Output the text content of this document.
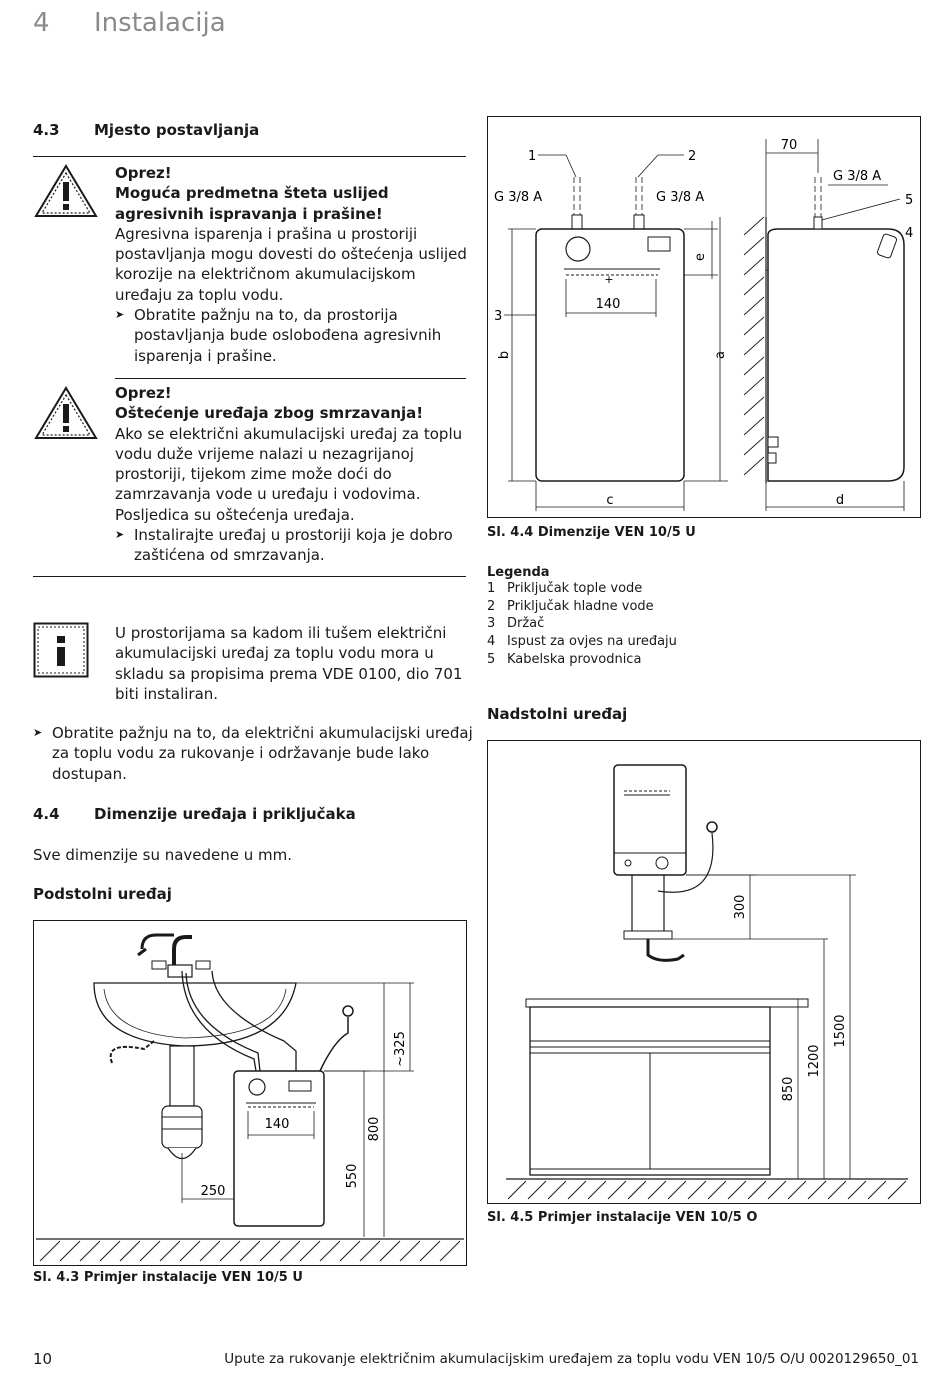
4 Instalacija
4.3 Mjesto postavljanja
Oprez!
Moguća predmetna šteta uslijed agresivnih ispravanja i prašine!
Agresivna isparenja i prašina u prostoriji postavljanja mogu dovesti do oštećenja uslijed korozije na električnom akumulacijskom uređaju za toplu vodu.
➤ Obratite pažnju na to, da prostorija postavljanja bude oslobođena agresivnih isparenja i prašine.
Oprez!
Oštećenje uređaja zbog smrzavanja!
Ako se električni akumulacijski uređaj za toplu vodu duže vrijeme nalazi u nezagrijanoj prostoriji, tijekom zime može doći do zamrzavanja vode u uređaju i vodovima. Posljedica su oštećenja uređaja.
➤ Instalirajte uređaj u prostoriji koja je dobro zaštićena od smrzavanja.
U prostorijama sa kadom ili tušem električni akumulacijski uređaj za toplu vodu mora u skladu sa propisima prema VDE 0100, dio 701 biti instaliran.
➤ Obratite pažnju na to, da električni akumulacijski uređaj za toplu vodu za rukovanje i održavanje bude lako dostupan.
4.4 Dimenzije uređaja i priključaka
Sve dimenzije su navedene u mm.
Podstolni uređaj
140
250
550
800
~325
Sl. 4.3 Primjer instalacije VEN 10/5 U
1	2
G 3/8 A	G 3/8 A
G 3/8 A
3
5
4
+
140
e
a
b
c
70
d
Sl. 4.4 Dimenzije VEN 10/5 U
Legenda
1 Priključak tople vode
2 Priključak hladne vode
3 Držač
4 Ispust za ovjes na uređaju
5 Kabelska provodnica
Nadstolni uređaj
300
850
1200
1500
Sl. 4.5 Primjer instalacije VEN 10/5 O
10	Upute za rukovanje električnim akumulacijskim uređajem za toplu vodu VEN 10/5 O/U 0020129650_01
